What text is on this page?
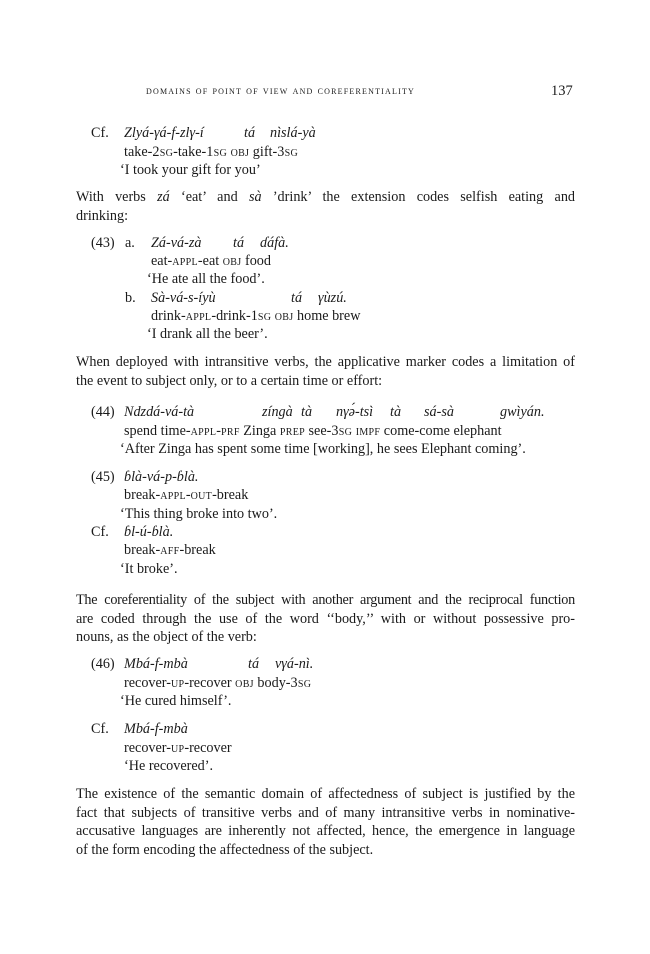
domains of point of view and coreferentiality	137
Cf. Zlyá-γá-f-zlγ-í	tá nìslá-yà
take-2sg-take-1sg obj gift-3sg
‘I took your gift for you’
With verbs zá ‘eat’ and sà ’drink’ the extension codes selfish eating and
drinking:
(43) a. Zá-vá-zà tá ɗáfà.
eat-appl-eat obj food
‘He ate all the food’.
b. Sà-vá-s-íyù	tá γùzú.
drink-appl-drink-1sg obj home brew
‘I drank all the beer’.
When deployed with intransitive verbs, the applicative marker codes a limitation of
the event to subject only, or to a certain time or effort:
(44) Ndzdá-vá-tà	zíngà tà nγə́-tsì tà sá-sà	gwìyán.
spend time-appl-prf Zinga prep see-3sg impf come-come elephant
‘After Zinga has spent some time [working], he sees Elephant coming’.
(45) ɓlà-vá-p-ɓlà.
break-appl-out-break
‘This thing broke into two’.
Cf. ɓl-ú-ɓlà.
break-aff-break
‘It broke’.
The coreferentiality of the subject with another argument and the reciprocal function
are coded through the use of the word ‘‘body,’’ with or without possessive pro-
nouns, as the object of the verb:
(46) Mbá-f-mbà	tá vγá-nì.
recover-up-recover obj body-3sg
‘He cured himself’.
Cf. Mbá-f-mbà
recover-up-recover
‘He recovered’.
The existence of the semantic domain of affectedness of subject is justified by the
fact that subjects of transitive verbs and of many intransitive verbs in nominative-
accusative languages are inherently not affected, hence, the emergence in language
of the form encoding the affectedness of the subject.
